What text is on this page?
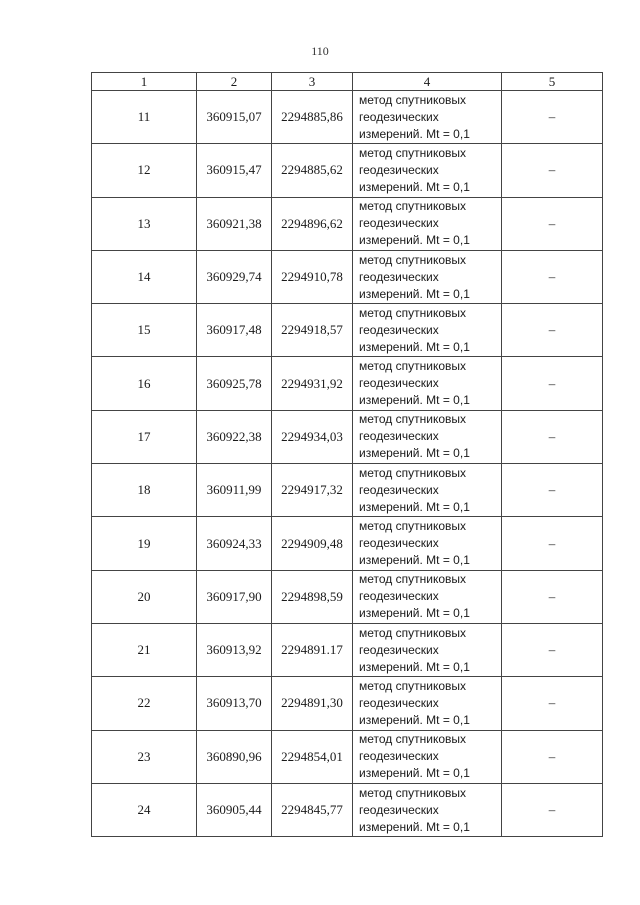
110
1	2	3	4	5
11	360915,07	2294885,86	метод спутниковых
геодезических
измерений. Mt = 0,1	–
12	360915,47	2294885,62	метод спутниковых
геодезических
измерений. Mt = 0,1	–
13	360921,38	2294896,62	метод спутниковых
геодезических
измерений. Mt = 0,1	–
14	360929,74	2294910,78	метод спутниковых
геодезических
измерений. Mt = 0,1	–
15	360917,48	2294918,57	метод спутниковых
геодезических
измерений. Mt = 0,1	–
16	360925,78	2294931,92	метод спутниковых
геодезических
измерений. Mt = 0,1	–
17	360922,38	2294934,03	метод спутниковых
геодезических
измерений. Mt = 0,1	–
18	360911,99	2294917,32	метод спутниковых
геодезических
измерений. Mt = 0,1	–
19	360924,33	2294909,48	метод спутниковых
геодезических
измерений. Mt = 0,1	–
20	360917,90	2294898,59	метод спутниковых
геодезических
измерений. Mt = 0,1	–
21	360913,92	2294891.17	метод спутниковых
геодезических
измерений. Mt = 0,1	–
22	360913,70	2294891,30	метод спутниковых
геодезических
измерений. Mt = 0,1	–
23	360890,96	2294854,01	метод спутниковых
геодезических
измерений. Mt = 0,1	–
24	360905,44	2294845,77	метод спутниковых
геодезических
измерений. Mt = 0,1	–
